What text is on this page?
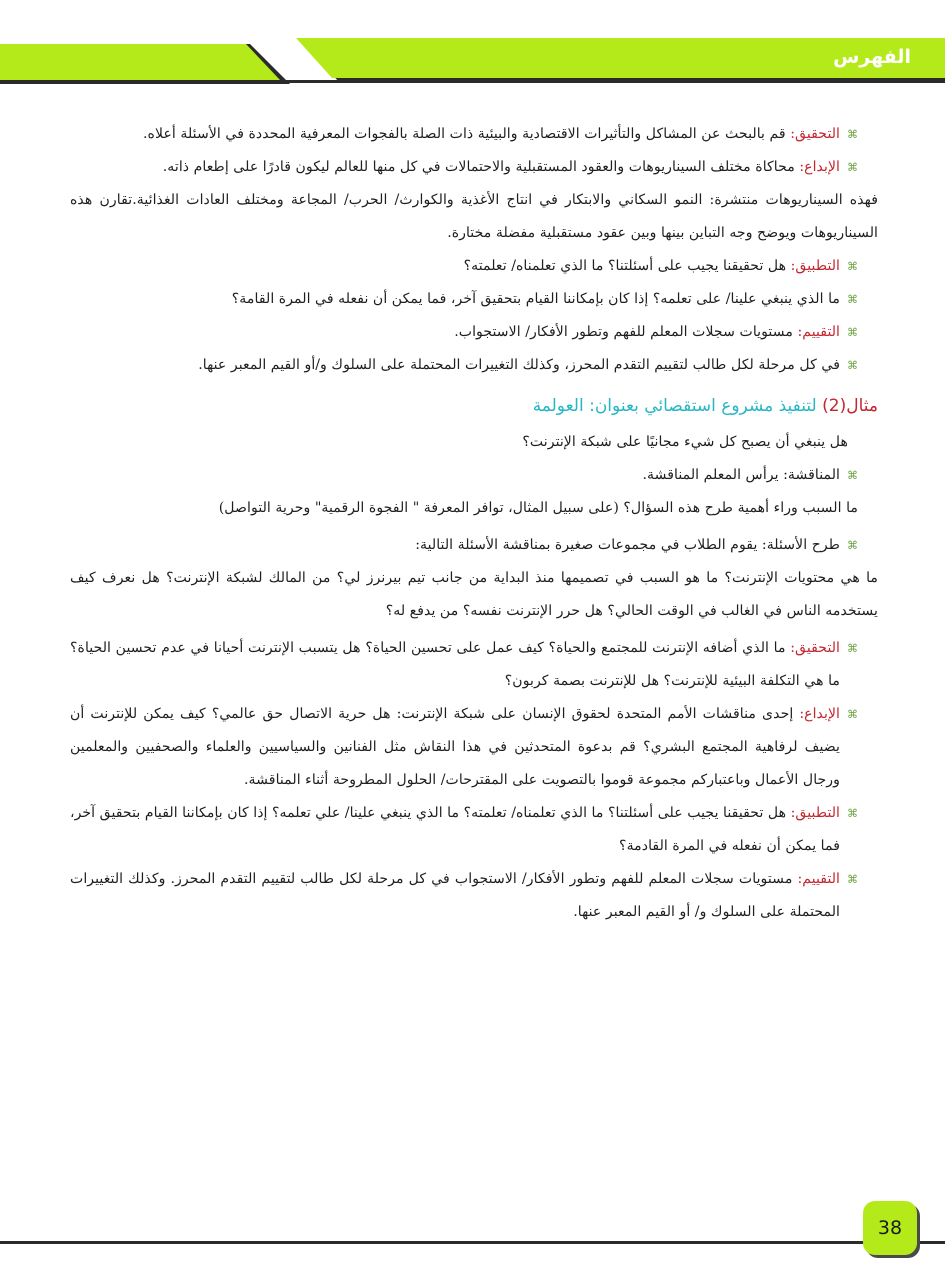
الفهرس
⌘
التحقيق: قم بالبحث عن المشاكل والتأثيرات الاقتصادية والبيئية ذات الصلة بالفجوات المعرفية المحددة في الأسئلة أعلاه.
⌘
الإبداع: محاكاة مختلف السيناريوهات والعقود المستقبلية والاحتمالات في كل منها للعالم ليكون قادرًا على إطعام ذاته.
فهذه السيناريوهات منتشرة: النمو السكاني والابتكار في انتاج الأغذية والكوارث/ الحرب/ المجاعة ومختلف العادات الغذائية.تقارن هذه السيناريوهات ويوضح وجه التباين بينها وبين عقود مستقبلية مفضلة مختارة.
⌘
التطبيق: هل تحقيقنا يجيب على أسئلتنا؟ ما الذي تعلمناه/ تعلمته؟
⌘
ما الذي ينبغي علينا/ على تعلمه؟ إذا كان بإمكاننا القيام بتحقيق آخر، فما يمكن أن نفعله في المرة القامة؟
⌘
التقييم: مستويات سجلات المعلم للفهم وتطور الأفكار/ الاستجواب.
⌘
في كل مرحلة لكل طالب لتقييم التقدم المحرز، وكذلك التغييرات المحتملة على السلوك و/أو القيم المعبر عنها.
مثال(2) لتنفيذ مشروع استقصائي بعنوان: العولمة
هل ينبغي أن يصبح كل شيء مجانيًا على شبكة الإنترنت؟
⌘
المناقشة: يرأس المعلم المناقشة.
ما السبب وراء أهمية طرح هذه السؤال؟ (على سبيل المثال، توافر المعرفة " الفجوة الرقمية" وحرية التواصل)
⌘
طرح الأسئلة: يقوم الطلاب في مجموعات صغيرة بمناقشة الأسئلة التالية:
ما هي محتويات الإنترنت؟ ما هو السبب في تصميمها منذ البداية من جانب تيم بيرنرز لي؟ من المالك لشبكة الإنترنت؟ هل نعرف كيف يستخدمه الناس في الغالب في الوقت الحالي؟ هل حرر الإنترنت نفسه؟ من يدفع له؟
⌘
التحقيق: ما الذي أضافه الإنترنت للمجتمع والحياة؟ كيف عمل على تحسين الحياة؟ هل يتسبب الإنترنت أحيانا في عدم تحسين الحياة؟ ما هي التكلفة البيئية للإنترنت؟ هل للإنترنت بصمة كربون؟
⌘
الإبداع: إحدى مناقشات الأمم المتحدة لحقوق الإنسان على شبكة الإنترنت: هل حرية الاتصال حق عالمي؟ كيف يمكن للإنترنت أن يضيف لرفاهية المجتمع البشري؟ قم بدعوة المتحدثين في هذا النقاش مثل الفنانين والسياسيين والعلماء والصحفيين والمعلمين ورجال الأعمال وباعتباركم مجموعة قوموا بالتصويت على المقترحات/ الحلول المطروحة أثناء المناقشة.
⌘
التطبيق: هل تحقيقنا يجيب على أسئلتنا؟ ما الذي تعلمناه/ تعلمته؟ ما الذي ينبغي علينا/ علي تعلمه؟ إذا كان بإمكاننا القيام بتحقيق آخر، فما يمكن أن نفعله في المرة القادمة؟
⌘
التقييم: مستويات سجلات المعلم للفهم وتطور الأفكار/ الاستجواب في كل مرحلة لكل طالب لتقييم التقدم المحرز. وكذلك التغييرات المحتملة على السلوك و/ أو القيم المعبر عنها.
38
